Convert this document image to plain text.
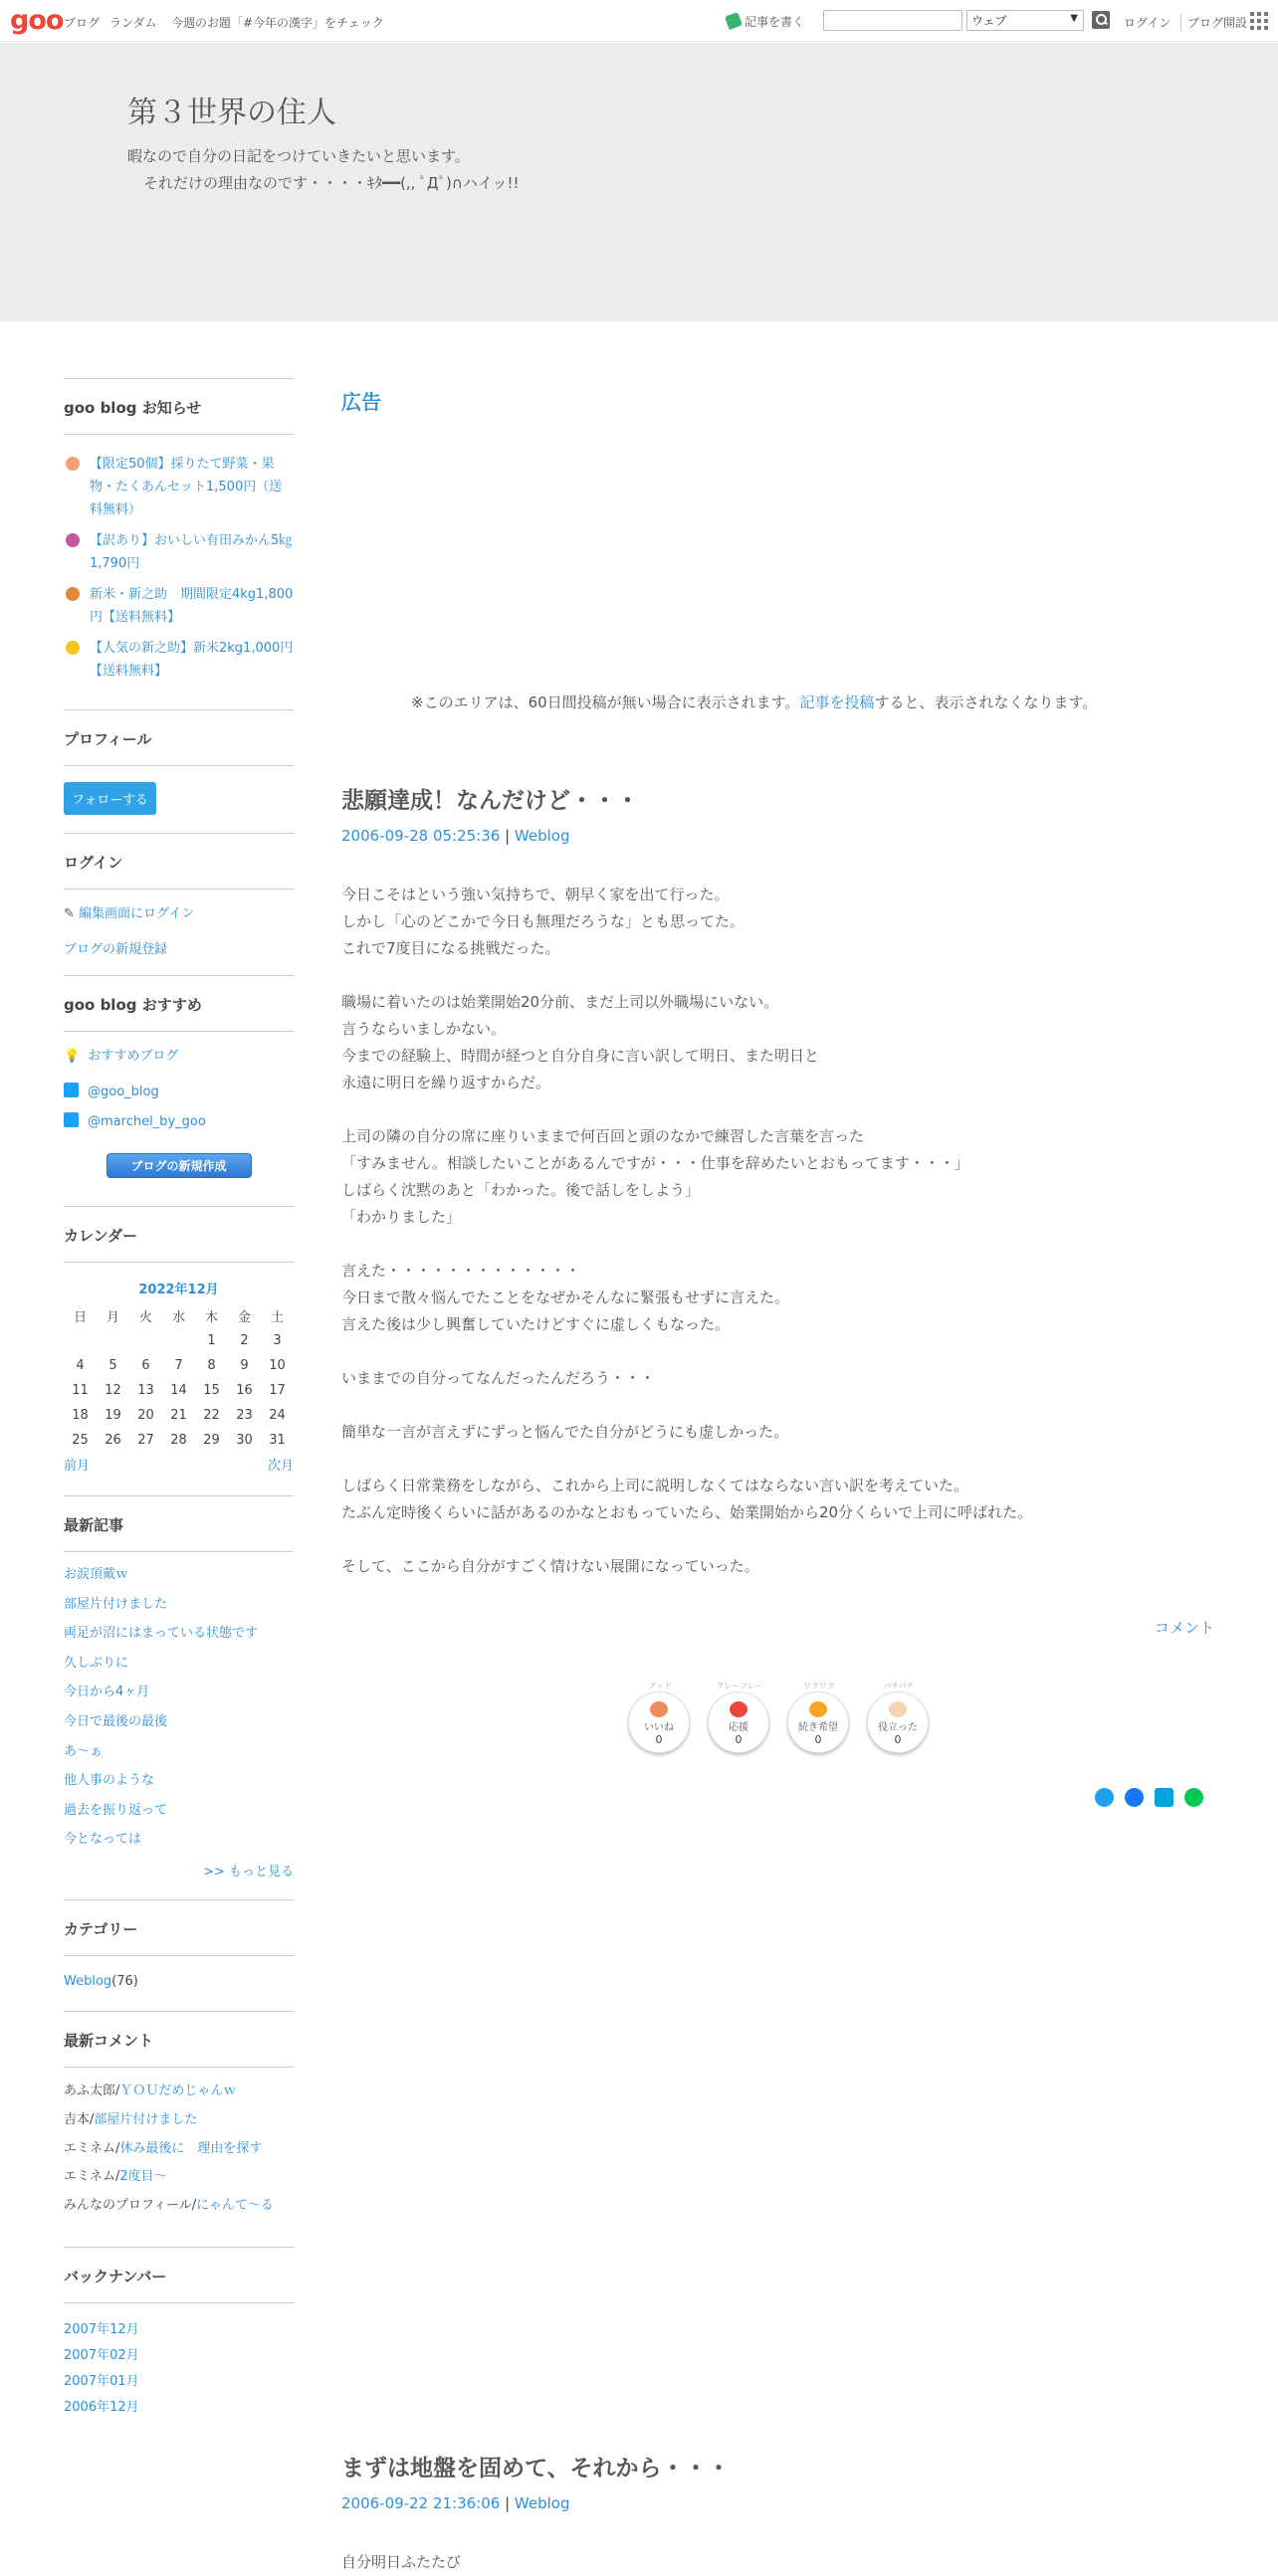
goo ブログ ランダム 今週のお題「#今年の漢字」をチェック	記事を書く	ウェブ	▼	ログイン	ブログ開設
第３世界の住人
暇なので自分の日記をつけていきたいと思います。
それだけの理由なのです・・・・ｷﾀ━━(,, ﾟДﾟ)∩ハイッ!!
goo blog お知らせ
【限定50個】採りたて野菜・果物・たくあんセット1,500円（送料無料）
【訳あり】おいしい有田みかん5㎏1,790円
新米・新之助　期間限定4kg1,800円【送料無料】
【人気の新之助】新米2kg1,000円【送料無料】
プロフィール
フォローする
ログイン
✎ 編集画面にログイン
ブログの新規登録
goo blog おすすめ
💡 おすすめブログ
@goo_blog
@marchel_by_goo
ブログの新規作成
カレンダー
2022年12月
日	月	火	水	木	金	土
				1	2	3
4	5	6	7	8	9	10
11	12	13	14	15	16	17
18	19	20	21	22	23	24
25	26	27	28	29	30	31
前月	次月
最新記事
お涙頂戴ｗ
部屋片付けました
両足が沼にはまっている状態です
久しぶりに
今日から4ヶ月
今日で最後の最後
あ～ぁ
他人事のような
過去を振り返って
今となっては
>> もっと見る
カテゴリー
Weblog(76)
最新コメント
あふ太郎/ＹＯＵだめじゃんｗ
吉本/部屋片付けました
エミネム/休み最後に　理由を探す
エミネム/2度目～
みんなのプロフィール/にゃんて～る
バックナンバー
2007年12月
2007年02月
2007年01月
2006年12月
広告
※このエリアは、60日間投稿が無い場合に表示されます。記事を投稿すると、表示されなくなります。
悲願達成！なんだけど・・・
2006-09-28 05:25:36 | Weblog

今日こそはという強い気持ちで、朝早く家を出て行った。

しかし「心のどこかで今日も無理だろうな」とも思ってた。

これで7度目になる挑戦だった。

職場に着いたのは始業開始20分前、まだ上司以外職場にいない。

言うならいましかない。

今までの経験上、時間が経つと自分自身に言い訳して明日、また明日と

永遠に明日を繰り返すからだ。

上司の隣の自分の席に座りいままで何百回と頭のなかで練習した言葉を言った

「すみません。相談したいことがあるんですが・・・仕事を辞めたいとおもってます・・・」

しばらく沈黙のあと「わかった。後で話しをしよう」

「わかりました」

言えた・・・・・・・・・・・・・

今日まで散々悩んでたことをなぜかそんなに緊張もせずに言えた。

言えた後は少し興奮していたけどすぐに虚しくもなった。

いままでの自分ってなんだったんだろう・・・

簡単な一言が言えずにずっと悩んでた自分がどうにも虚しかった。

しばらく日常業務をしながら、これから上司に説明しなくてはならない言い訳を考えていた。

たぶん定時後くらいに話があるのかなとおもっていたら、始業開始から20分くらいで上司に呼ばれた。

そして、ここから自分がすごく情けない展開になっていった。

コメント
グッド
いいね
0
グレーフレー
応援
0
ワクワク
続き希望
0
パチパチ
役立った
0
まずは地盤を固めて、それから・・・
2006-09-22 21:36:06 | Weblog

自分明日ふたたび
